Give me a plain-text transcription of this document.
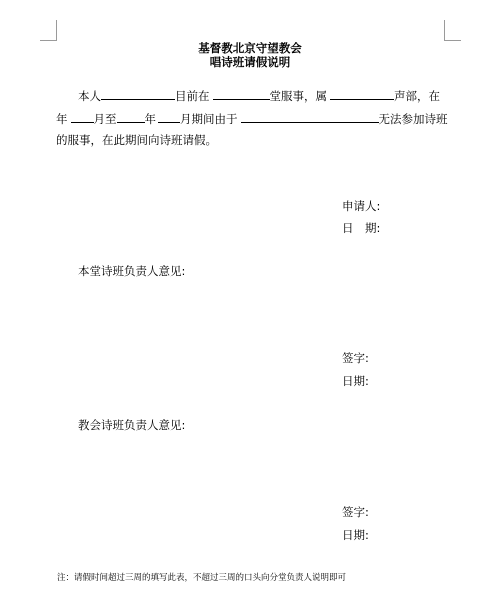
基督教北京守望教会
唱诗班请假说明
本人	目前在	堂服事，属	声部，在
年 月至 年 月期间由于	无法参加诗班
的服事，在此期间向诗班请假。
申请人:
日　期:
本堂诗班负责人意见:
签字:
日期:
教会诗班负责人意见:
签字:
日期:
注：请假时间超过三周的填写此表，不超过三周的口头向分堂负责人说明即可
